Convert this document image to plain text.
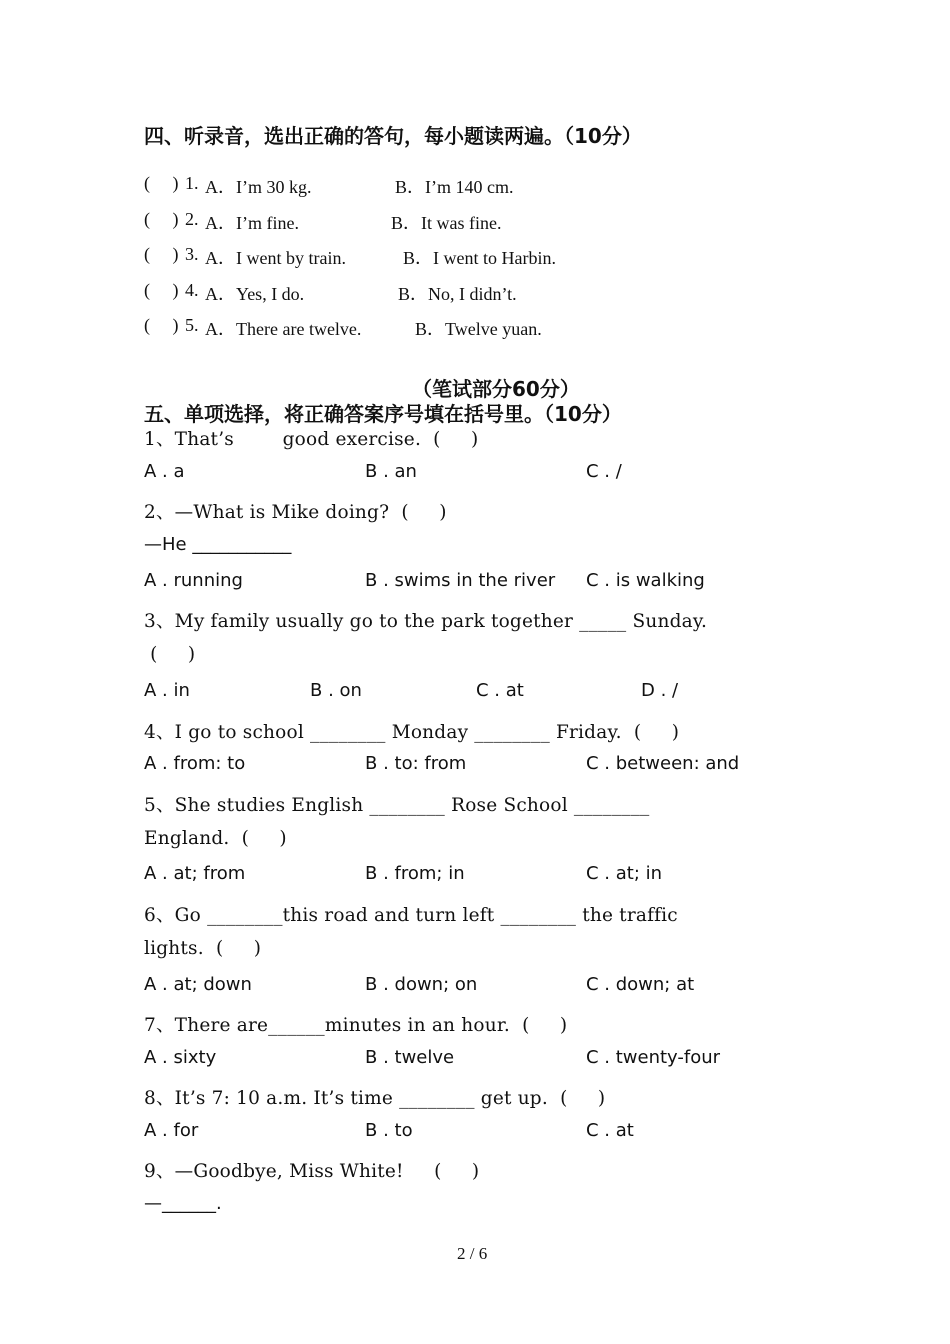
四、听录音，选出正确的答句，每小题读两遍。（10分）
(     ) 1. A．I’m 30 kg.	B．I’m 140 cm.
(     ) 2. A．I’m fine.	B．It was fine.
(     ) 3. A．I went by train.	B．I went to Harbin.
(     ) 4. A．Yes, I do.	B．No, I didn’t.
(     ) 5. A．There are twelve.	B．Twelve yuan.
（笔试部分60分）
五、单项选择，将正确答案序号填在括号里。（10分）
1、That’s        good exercise.  (     )
A . a	B . an	C . /
2、—What is Mike doing?  (     )
—He ___________
A . running	B . swims in the river C . is walking
3、My family usually go to the park together _____ Sunday.
(     )
A . in	B . on	C . at	D . /
4、I go to school ________ Monday ________ Friday.  (     )
A . from: to	B . to: from	C . between: and
5、She studies English ________ Rose School ________
England.  (     )
A . at; from	B . from; in	C . at; in
6、Go ________this road and turn left ________ the traffic
lights.  (     )
A . at; down	B . down; on	C . down; at
7、There are______minutes in an hour.  (     )
A . sixty	B . twelve	C . twenty-four
8、It’s 7: 10 a.m. It’s time ________ get up.  (     )
A . for	B . to	C . at
9、—Goodbye, Miss White!     (     )
—______.
2 / 6
